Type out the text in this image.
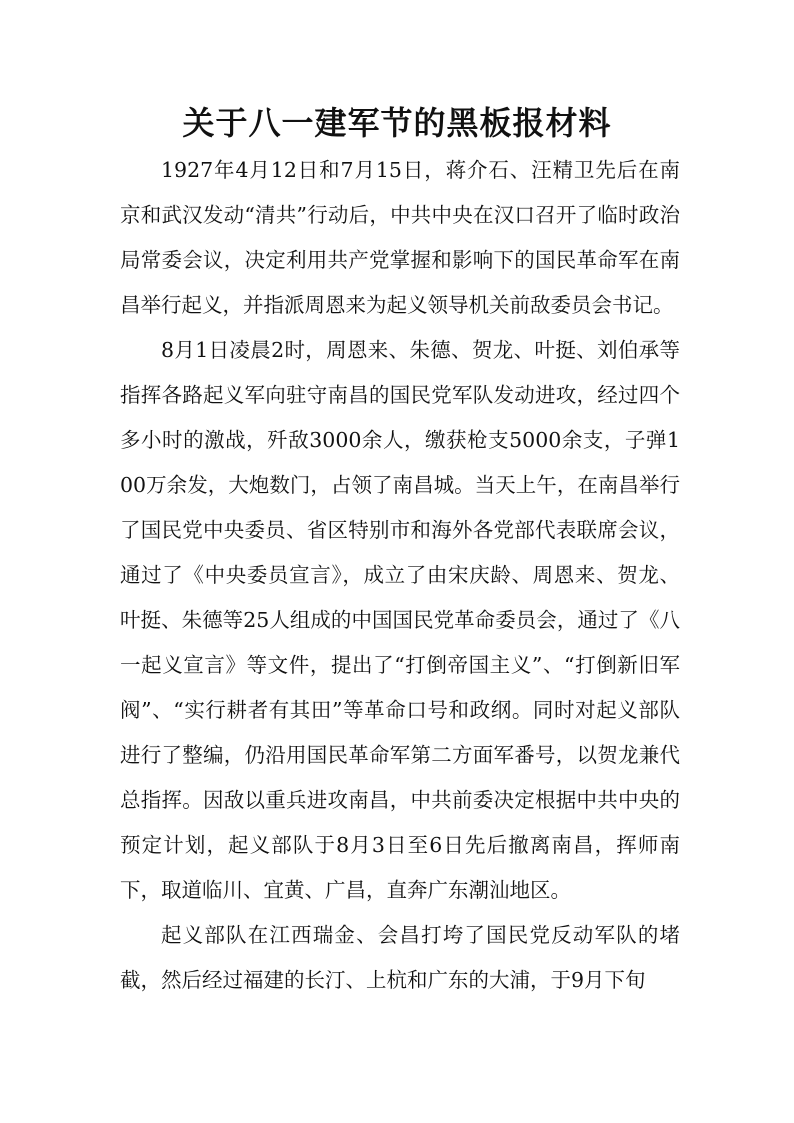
关于八一建军节的黑板报材料

1927年4月12日和7月15日，蒋介石、汪精卫先后在南京和武汉发动“清共”行动后，中共中央在汉口召开了临时政治局常委会议，决定利用共产党掌握和影响下的国民革命军在南昌举行起义，并指派周恩来为起义领导机关前敌委员会书记。

8月1日凌晨2时，周恩来、朱德、贺龙、叶挺、刘伯承等指挥各路起义军向驻守南昌的国民党军队发动进攻，经过四个多小时的激战，歼敌3000余人，缴获枪支5000余支，子弹100万余发，大炮数门，占领了南昌城。当天上午，在南昌举行了国民党中央委员、省区特别市和海外各党部代表联席会议，通过了《中央委员宣言》，成立了由宋庆龄、周恩来、贺龙、叶挺、朱德等25人组成的中国国民党革命委员会，通过了《八一起义宣言》等文件，提出了“打倒帝国主义”、“打倒新旧军阀”、“实行耕者有其田”等革命口号和政纲。同时对起义部队进行了整编，仍沿用国民革命军第二方面军番号，以贺龙兼代总指挥。因敌以重兵进攻南昌，中共前委决定根据中共中央的预定计划，起义部队于8月3日至6日先后撤离南昌，挥师南下，取道临川、宜黄、广昌，直奔广东潮汕地区。

起义部队在江西瑞金、会昌打垮了国民党反动军队的堵截，然后经过福建的长汀、上杭和广东的大浦，于9月下旬
